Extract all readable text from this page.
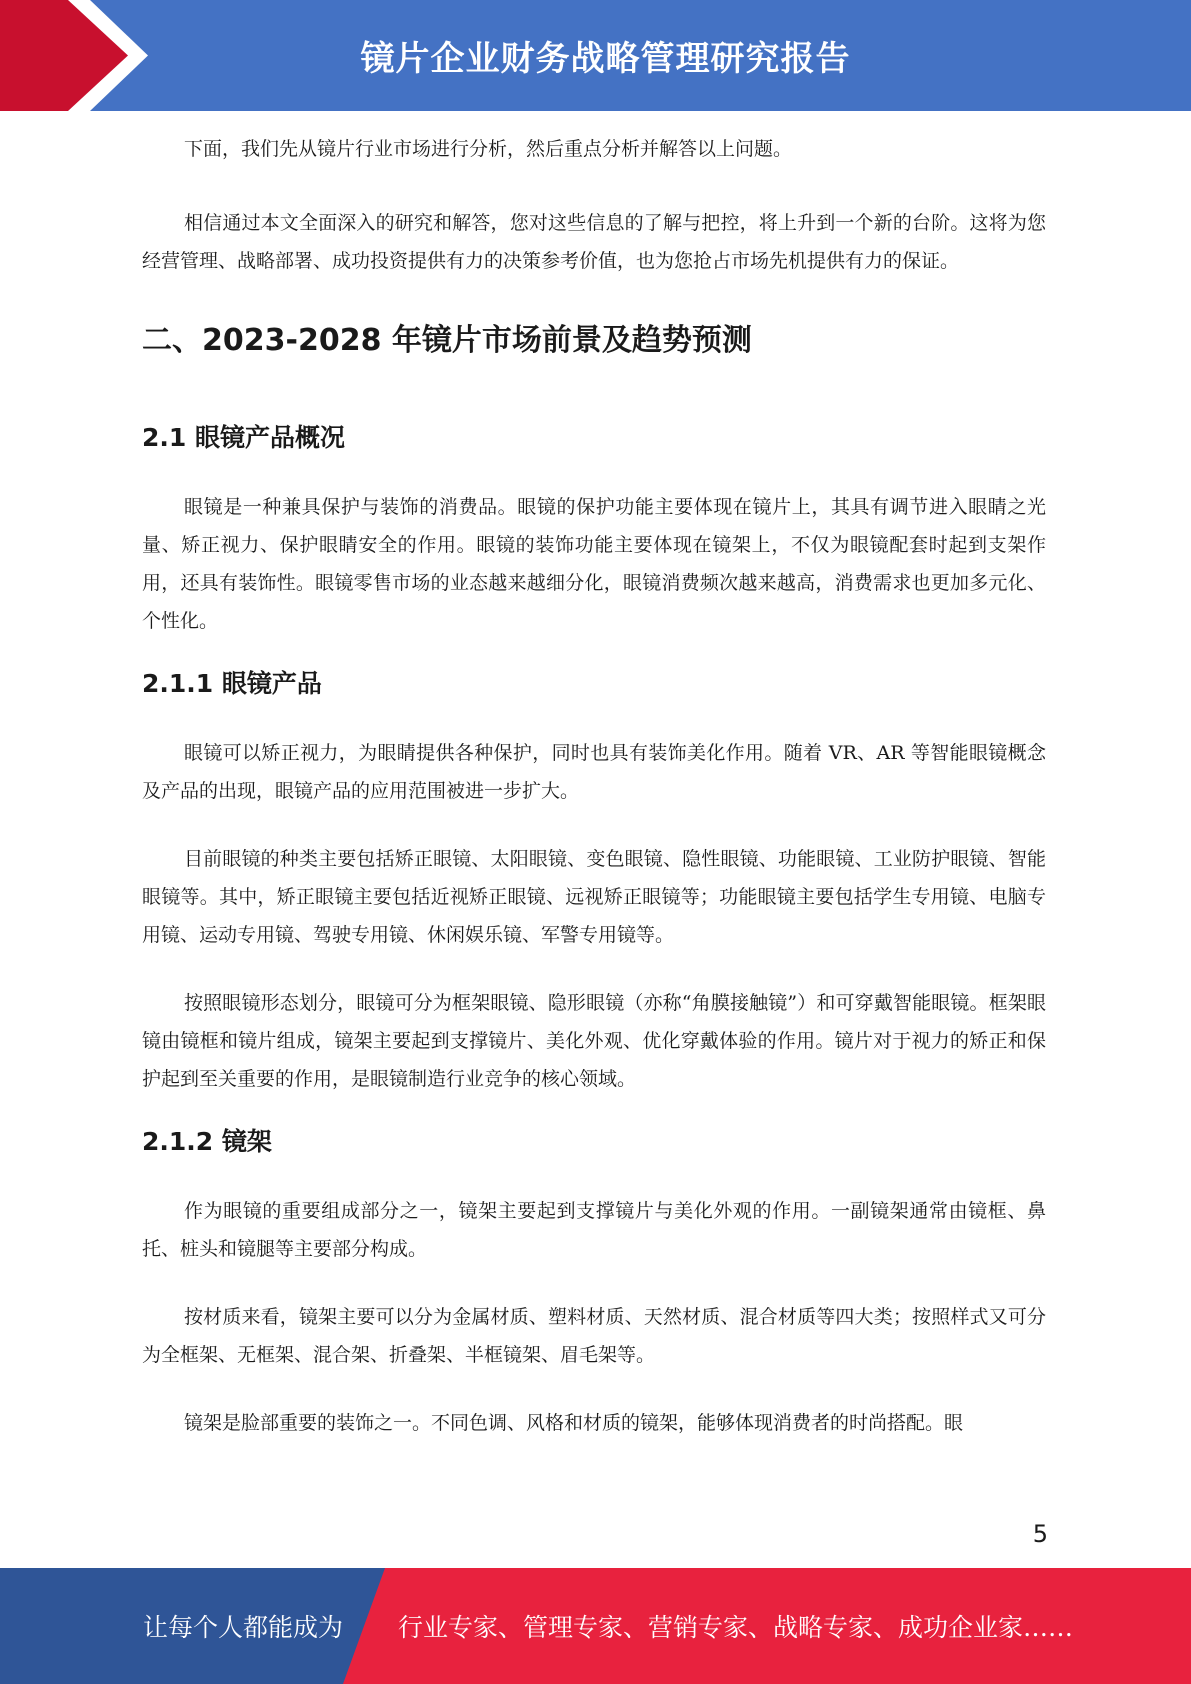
镜片企业财务战略管理研究报告

下面，我们先从镜片行业市场进行分析，然后重点分析并解答以上问题。

相信通过本文全面深入的研究和解答，您对这些信息的了解与把控，将上升到一个新的台阶。这将为您经营管理、战略部署、成功投资提供有力的决策参考价值，也为您抢占市场先机提供有力的保证。

二、2023-2028 年镜片市场前景及趋势预测
2.1 眼镜产品概况

眼镜是一种兼具保护与装饰的消费品。眼镜的保护功能主要体现在镜片上，其具有调节进入眼睛之光量、矫正视力、保护眼睛安全的作用。眼镜的装饰功能主要体现在镜架上，不仅为眼镜配套时起到支架作用，还具有装饰性。眼镜零售市场的业态越来越细分化，眼镜消费频次越来越高，消费需求也更加多元化、个性化。

2.1.1 眼镜产品

眼镜可以矫正视力，为眼睛提供各种保护，同时也具有装饰美化作用。随着 VR、AR 等智能眼镜概念及产品的出现，眼镜产品的应用范围被进一步扩大。

目前眼镜的种类主要包括矫正眼镜、太阳眼镜、变色眼镜、隐性眼镜、功能眼镜、工业防护眼镜、智能眼镜等。其中，矫正眼镜主要包括近视矫正眼镜、远视矫正眼镜等；功能眼镜主要包括学生专用镜、电脑专用镜、运动专用镜、驾驶专用镜、休闲娱乐镜、军警专用镜等。

按照眼镜形态划分，眼镜可分为框架眼镜、隐形眼镜（亦称“角膜接触镜”）和可穿戴智能眼镜。框架眼镜由镜框和镜片组成，镜架主要起到支撑镜片、美化外观、优化穿戴体验的作用。镜片对于视力的矫正和保护起到至关重要的作用，是眼镜制造行业竞争的核心领域。

2.1.2 镜架

作为眼镜的重要组成部分之一，镜架主要起到支撑镜片与美化外观的作用。一副镜架通常由镜框、鼻托、桩头和镜腿等主要部分构成。

按材质来看，镜架主要可以分为金属材质、塑料材质、天然材质、混合材质等四大类；按照样式又可分为全框架、无框架、混合架、折叠架、半框镜架、眉毛架等。

镜架是脸部重要的装饰之一。不同色调、风格和材质的镜架，能够体现消费者的时尚搭配。眼

5
让每个人都能成为 行业专家、管理专家、营销专家、战略专家、成功企业家……
